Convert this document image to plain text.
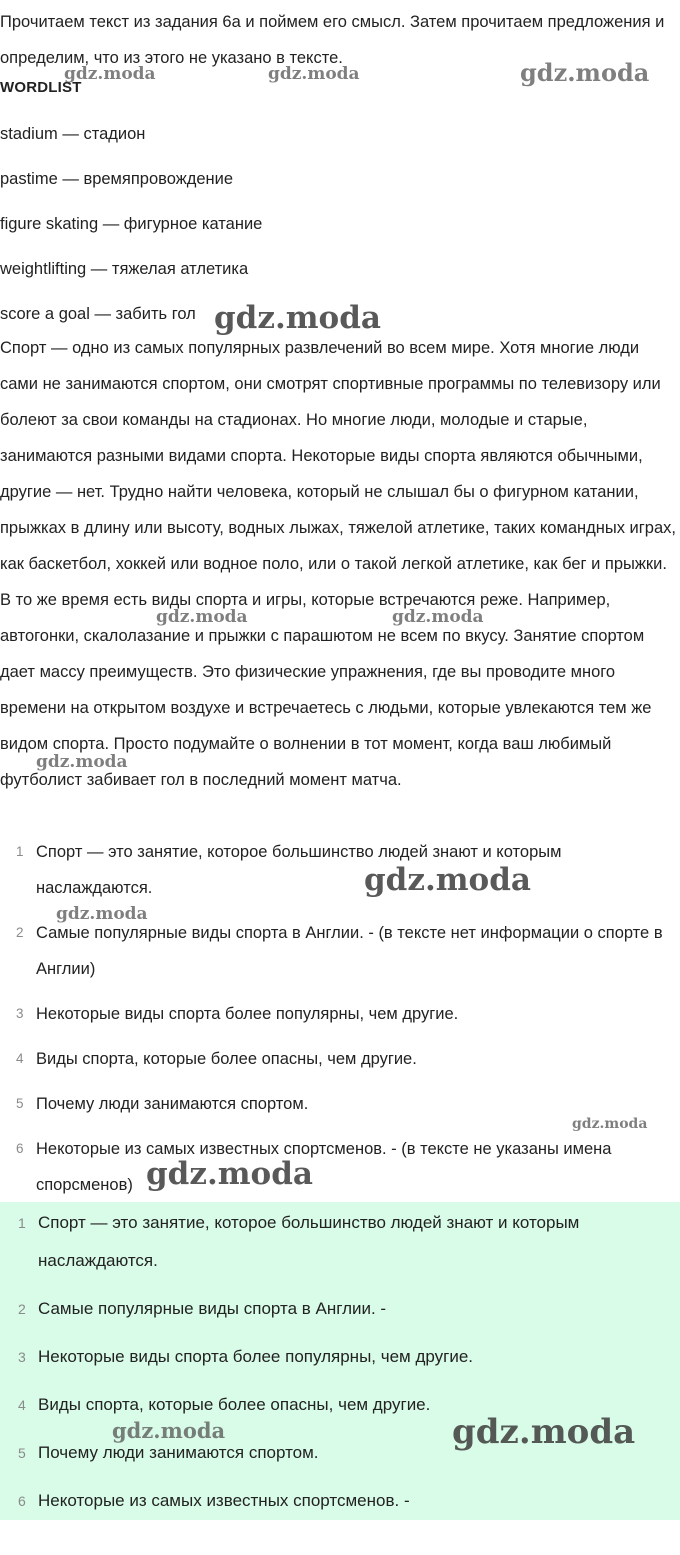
Прочитаем текст из задания 6а и поймем его смысл. Затем прочитаем предложения и определим, что из этого не указано в тексте.

WORDLIST

stadium — стадион
pastime — времяпровождение
figure skating — фигурное катание
weightlifting — тяжелая атлетика
score a goal — забить гол

Спорт — одно из самых популярных развлечений во всем мире. Хотя многие люди сами не занимаются спортом, они смотрят спортивные программы по телевизору или болеют за свои команды на стадионах. Но многие люди, молодые и старые, занимаются разными видами спорта. Некоторые виды спорта являются обычными, другие — нет. Трудно найти человека, который не слышал бы о фигурном катании, прыжках в длину или высоту, водных лыжах, тяжелой атлетике, таких командных играх, как баскетбол, хоккей или водное поло, или о такой легкой атлетике, как бег и прыжки. В то же время есть виды спорта и игры, которые встречаются реже. Например, автогонки, скалолазание и прыжки с парашютом не всем по вкусу. Занятие спортом дает массу преимуществ. Это физические упражнения, где вы проводите много времени на открытом воздухе и встречаетесь с людьми, которые увлекаются тем же видом спорта. Просто подумайте о волнении в тот момент, когда ваш любимый футболист забивает гол в последний момент матча.

1 Спорт — это занятие, которое большинство людей знают и которым наслаждаются.
2 Самые популярные виды спорта в Англии. - (в тексте нет информации о спорте в Англии)
3 Некоторые виды спорта более популярны, чем другие.
4 Виды спорта, которые более опасны, чем другие.
5 Почему люди занимаются спортом.
6 Некоторые из самых известных спортсменов. - (в тексте не указаны имена спорсменов)
1 Спорт — это занятие, которое большинство людей знают и которым наслаждаются.
2 Самые популярные виды спорта в Англии. -
3 Некоторые виды спорта более популярны, чем другие.
4 Виды спорта, которые более опасны, чем другие.
5 Почему люди занимаются спортом.
6 Некоторые из самых известных спортсменов. -
gdz.moda	gdz.moda	gdz.moda
gdz.moda
gdz.moda	gdz.moda
gdz.moda
gdz.moda
gdz.moda
gdz.moda
gdz.moda
gdz.moda	gdz.moda
